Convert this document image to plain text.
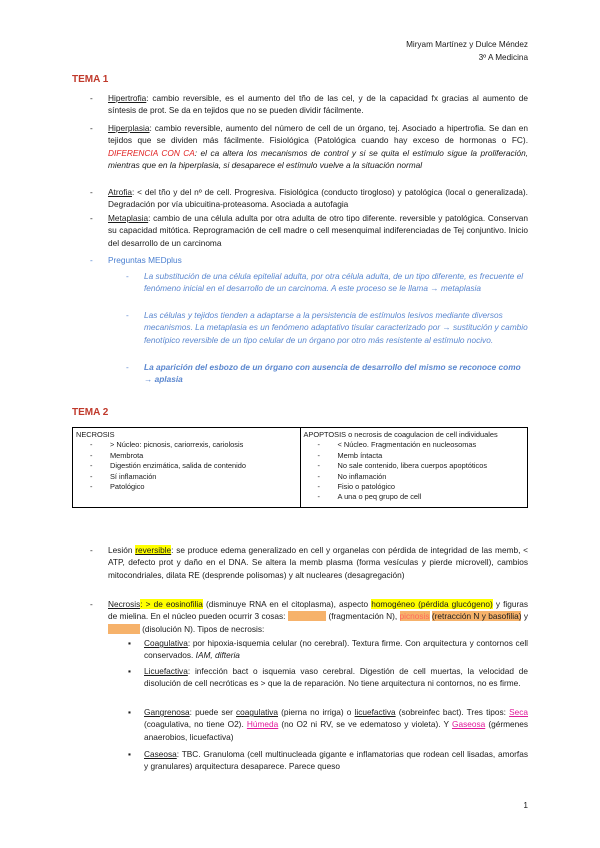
Miryam Martínez y Dulce Méndez
3º A Medicina
TEMA 1
- Hipertrofia: cambio reversible, es el aumento del tño de las cel, y de la capacidad fx gracias al aumento de síntesis de prot. Se da en tejidos que no se pueden dividir fácilmente.
- Hiperplasia: cambio reversible, aumento del número de cell de un órgano, tej. Asociado a hipertrofia. Se dan en tejidos que se dividen más fácilmente. Fisiológica (Patológica cuando hay exceso de hormonas o FC). DIFERENCIA CON CA: el ca altera los mecanismos de control y si se quita el estímulo sigue la proliferación, mientras que en la hiperplasia, si desaparece el estímulo vuelve a la situación normal
- Atrofia: < del tño y del nº de cell. Progresiva. Fisiológica (conducto tirogloso) y patológica (local o generalizada). Degradación por vía ubicuitina-proteasoma. Asociada a autofagia
- Metaplasia: cambio de una célula adulta por otra adulta de otro tipo diferente. reversible y patológica. Conservan su capacidad mitótica. Reprogramación de cell madre o cell mesenquimal indiferenciadas de Tej conjuntivo. Inicio del desarrollo de un carcinoma
- Preguntas MEDplus
- La substitución de una célula epitelial adulta, por otra célula adulta, de un tipo diferente, es frecuente el fenómeno inicial en el desarrollo de un carcinoma. A este proceso se le llama → metaplasia
- Las células y tejidos tienden a adaptarse a la persistencia de estímulos lesivos mediante diversos mecanismos. La metaplasia es un fenómeno adaptativo tisular caracterizado por → sustitución y cambio fenotípico reversible de un tipo celular de un órgano por otro más resistente al estímulo nocivo.
- La aparición del esbozo de un órgano con ausencia de desarrollo del mismo se reconoce como → aplasia
TEMA 2
NECROSIS
- > Núcleo: picnosis, cariorrexis, cariolosis
- Membrota
- Digestión enzimática, salida de contenido
- Sí inflamación
- Patológico

APOPTOSIS o necrosis de coagulacion de cell individuales
- < Núcleo. Fragmentación en nucleosomas
- Memb íntacta
- No sale contenido, libera cuerpos apoptóticos
- No inflamación
- Fisio o patológico
- A una o peq grupo de cell
- Lesión reversible: se produce edema generalizado en cell y organelas con pérdida de integridad de las memb, < ATP, defecto prot y daño en el DNA. Se altera la memb plasma (forma vesículas y pierde microvell), cambios mitocondriales, dilata RE (desprende polisomas) y alt nucleares (desagregación)
- Necrosis: > de eosinofilia (disminuye RNA en el citoplasma), aspecto homogéneo (pérdida glucógeno) y figuras de mielina. En el núcleo pueden ocurrir 3 cosas: cariorrexis (fragmentación N), picnosis (retracción N y basofilia) y cariolisis (disolución N). Tipos de necrosis:
▪ Coagulativa: por hipoxia-isquemia celular (no cerebral). Textura firme. Con arquitectura y contornos cell conservados. IAM, difteria
▪ Licuefactiva: infección bact o isquemia vaso cerebral. Digestión de cell muertas, la velocidad de disolución de cell necróticas es > que la de reparación. No tiene arquitectura ni contornos, no es firme.
▪ Gangrenosa: puede ser coagulativa (pierna no irriga) o licuefactiva (sobreinfec bact). Tres tipos: Seca (coagulativa, no tiene O2). Húmeda (no O2 ni RV, se ve edematoso y violeta). Y Gaseosa (gérmenes anaerobios, licuefactiva)
▪ Caseosa: TBC. Granuloma (cell multinucleada gigante e inflamatorias que rodean cell lisadas, amorfas y granulares) arquitectura desaparece. Parece queso
1
